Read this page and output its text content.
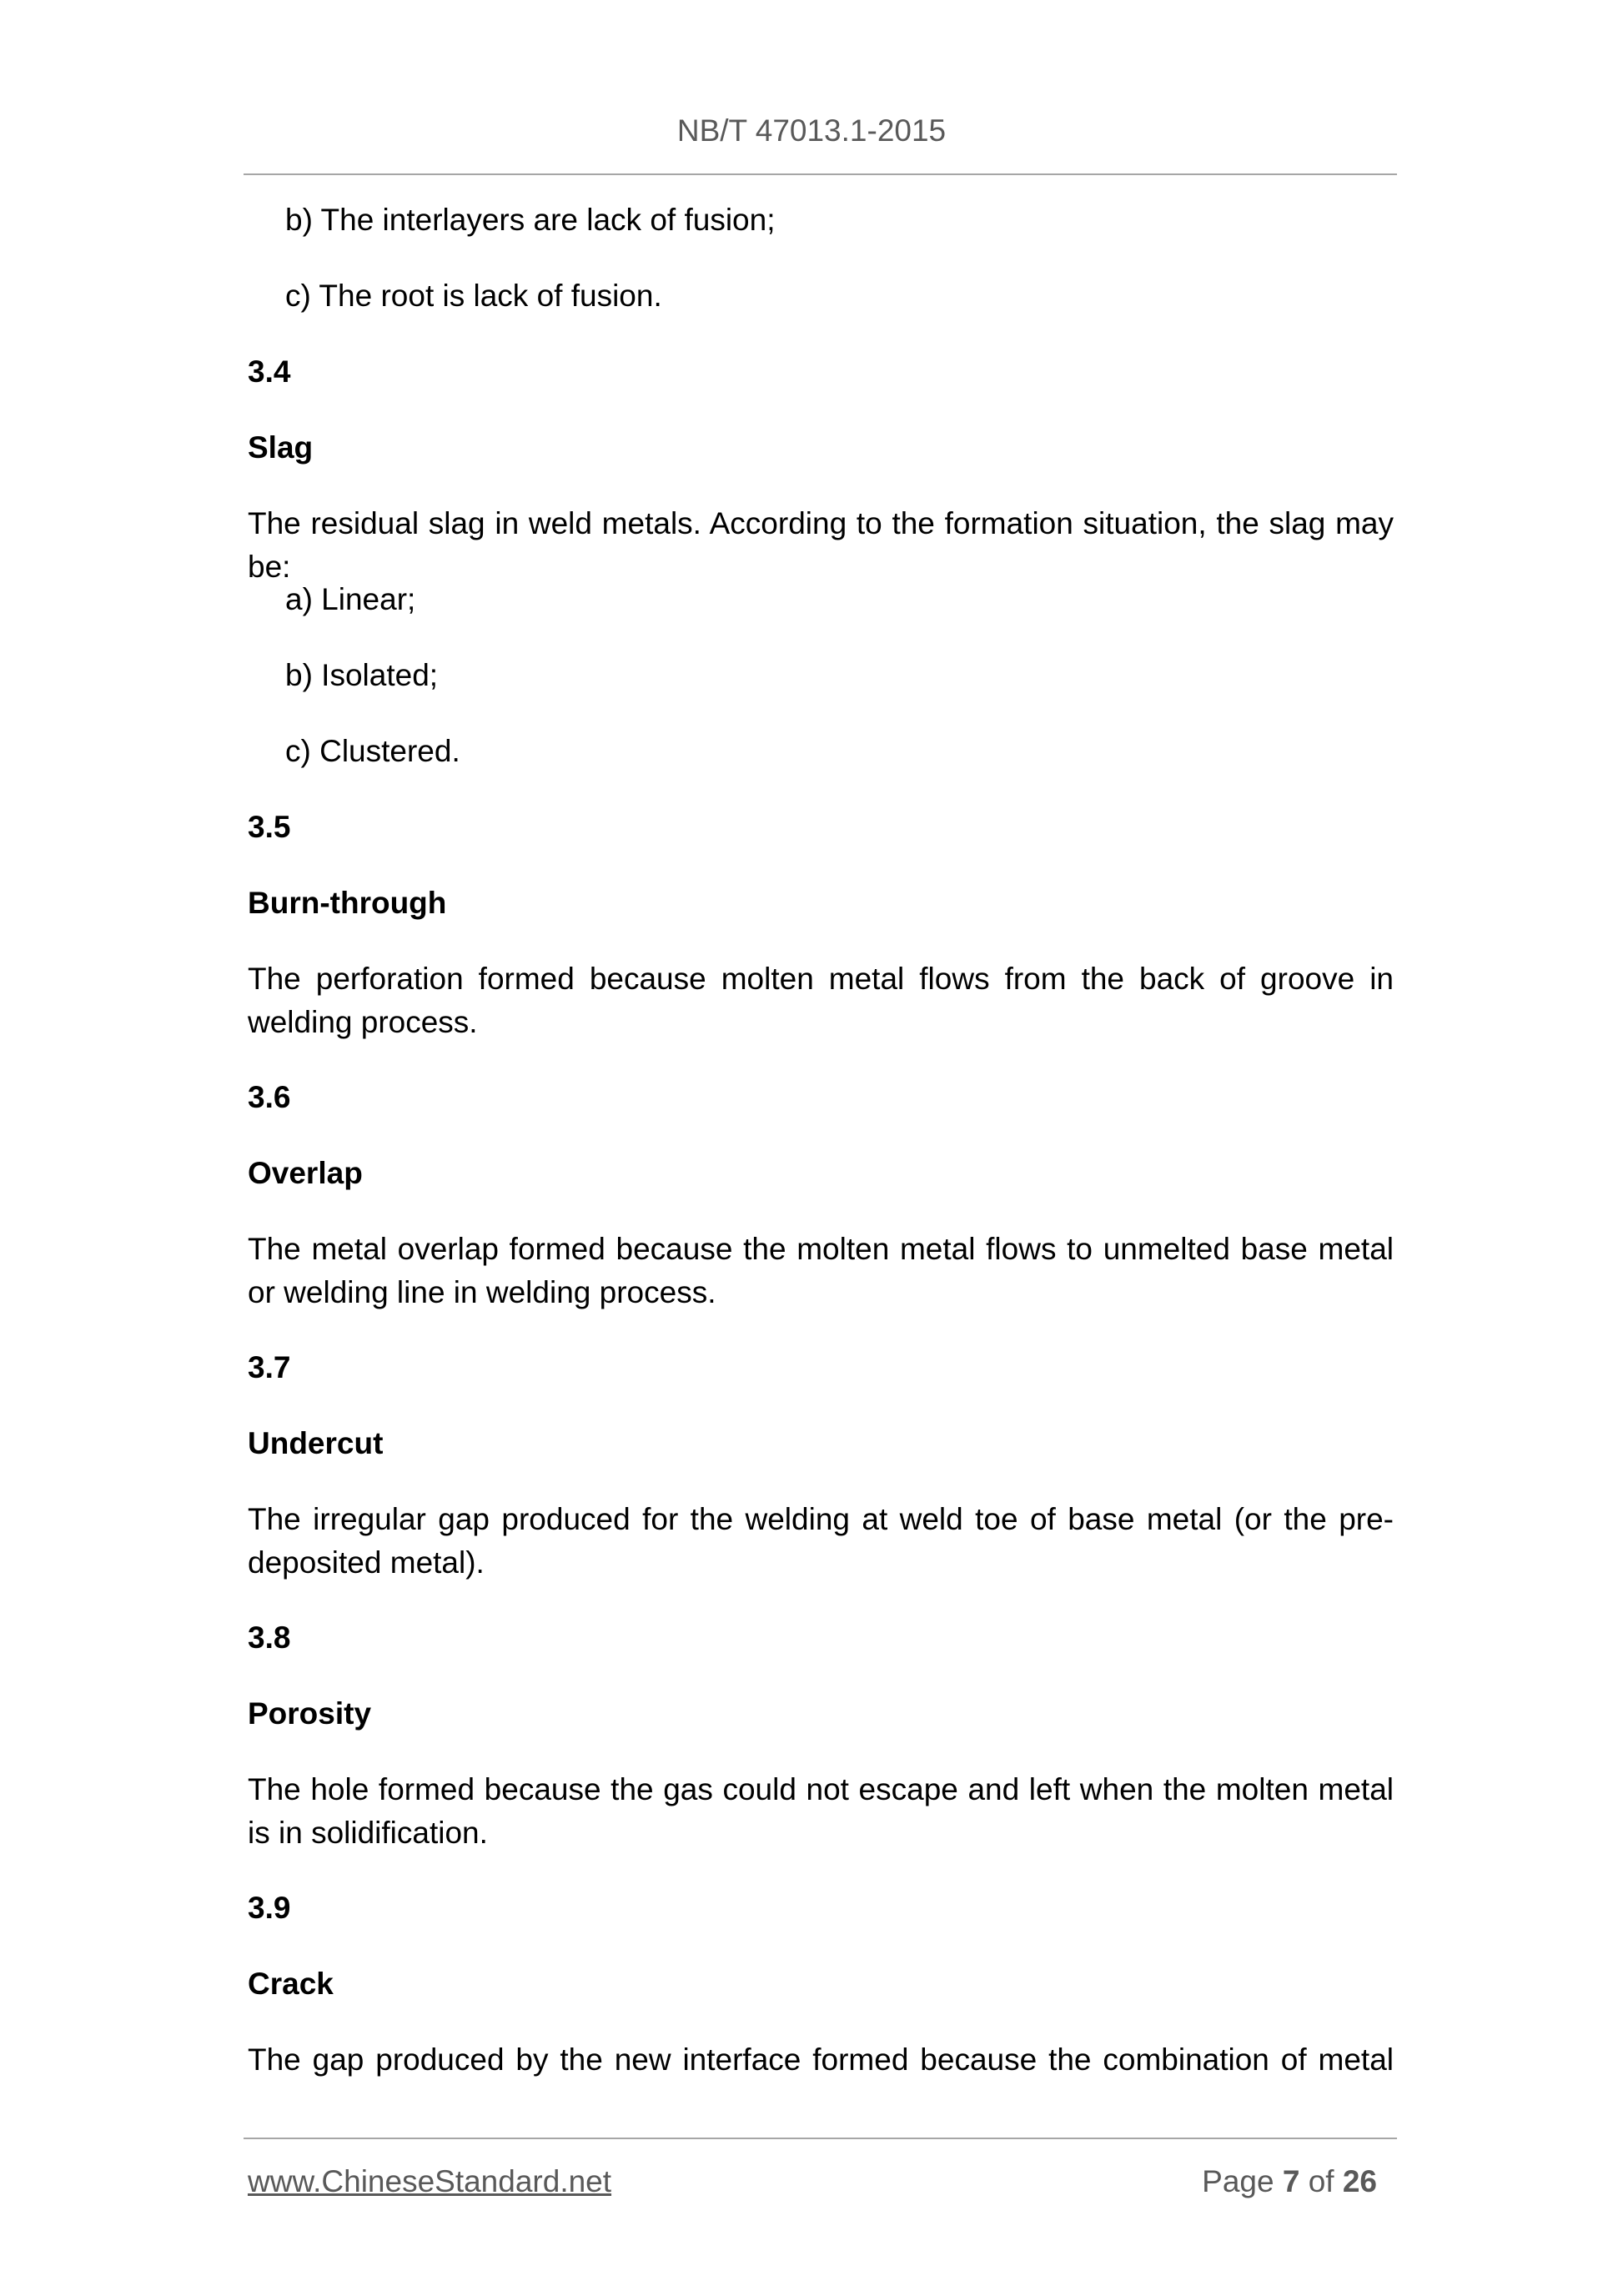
NB/T 47013.1-2015
b) The interlayers are lack of fusion;
c) The root is lack of fusion.
3.4
Slag
The residual slag in weld metals. According to the formation situation, the slag may be:
a) Linear;
b) Isolated;
c) Clustered.
3.5
Burn-through
The perforation formed because molten metal flows from the back of groove in welding process.
3.6
Overlap
The metal overlap formed because the molten metal flows to unmelted base metal or welding line in welding process.
3.7
Undercut
The irregular gap produced for the welding at weld toe of base metal (or the pre-deposited metal).
3.8
Porosity
The hole formed because the gas could not escape and left when the molten metal is in solidification.
3.9
Crack
The gap produced by the new interface formed because the combination of metal
www.ChineseStandard.net	Page 7 of 26
